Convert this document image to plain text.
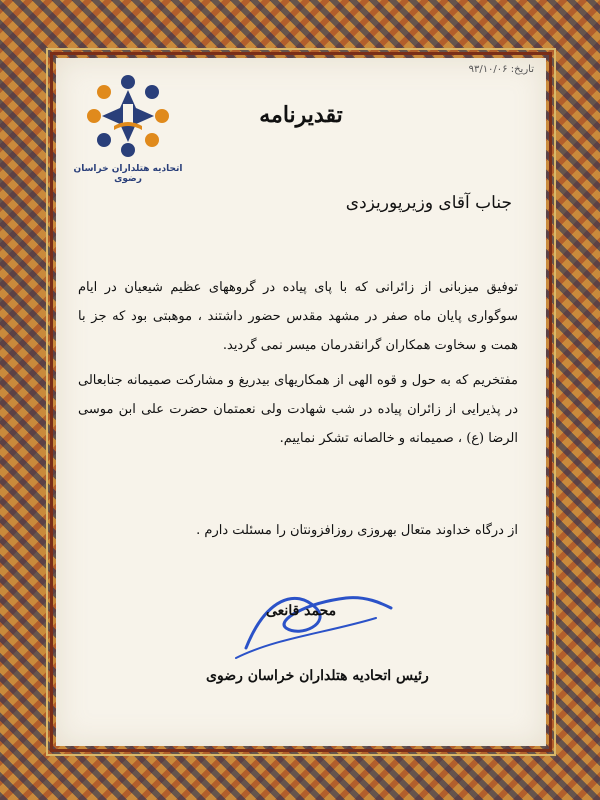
تاریخ: ۹۳/۱۰/۰۶
اتحادیه هتلداران خراسان رضوی
تقدیرنامه
جناب آقای وزیرپوریزدی

توفیق میزبانی از زائرانی که با پای پیاده در گروههای عظیم شیعیان در ایام سوگواری پایان ماه صفر در مشهد مقدس حضور داشتند ، موهبتی بود که جز با همت و سخاوت همکاران گرانقدرمان میسر نمی گردید.

مفتخریم که به حول و قوه الهی از همکاریهای بیدریغ و مشارکت صمیمانه جنابعالی در پذیرایی از زائران پیاده در شب شهادت ولی نعمتمان حضرت علی ابن موسی الرضا (ع) ، صمیمانه و خالصانه تشکر نماییم.

از درگاه خداوند متعال بهروزی روزافزونتان را مسئلت دارم .
محمد قانعی
رئیس اتحادیه هتلداران خراسان رضوی
